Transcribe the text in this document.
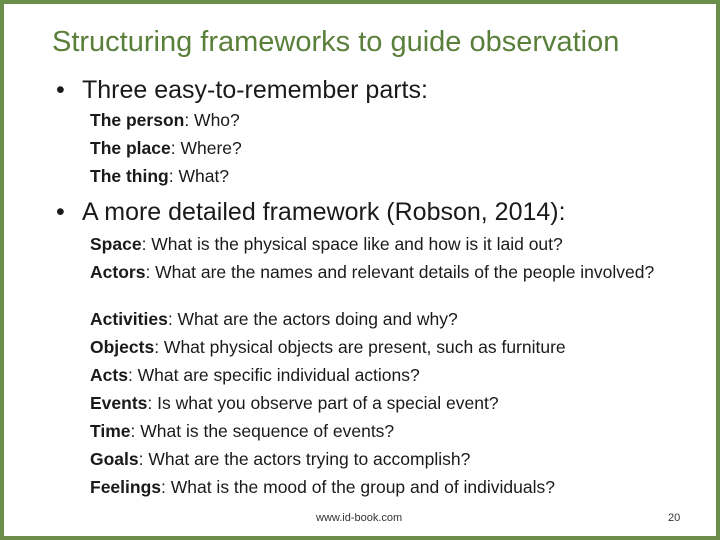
Structuring frameworks to guide observation
• Three easy-to-remember parts:
The person: Who?
The place: Where?
The thing: What?
• A more detailed framework (Robson, 2014):
Space: What is the physical space like and how is it laid out?
Actors: What are the names and relevant details of the people involved?
Activities: What are the actors doing and why?
Objects: What physical objects are present, such as furniture
Acts: What are specific individual actions?
Events: Is what you observe part of a special event?
Time: What is the sequence of events?
Goals: What are the actors trying to accomplish?
Feelings: What is the mood of the group and of individuals?
www.id-book.com	20
